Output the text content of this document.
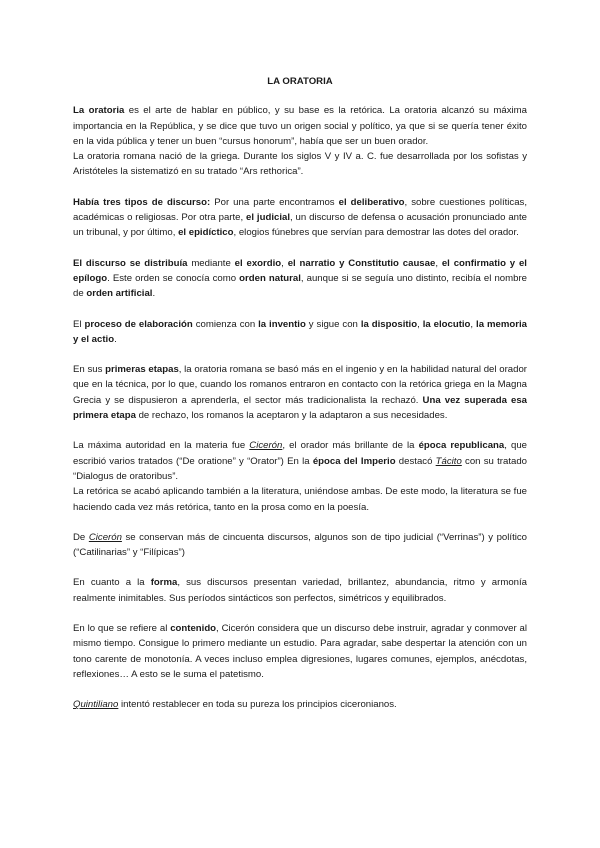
LA ORATORIA

La oratoria es el arte de hablar en público, y su base es la retórica. La oratoria alcanzó su máxima importancia en la República, y se dice que tuvo un origen social y político, ya que si se quería tener éxito en la vida pública y tener un buen “cursus honorum”, había que ser un buen orador.

La oratoria romana nació de la griega. Durante los siglos V y IV a. C. fue desarrollada por los sofistas y Aristóteles la sistematizó en su tratado “Ars rethorica”.

Había tres tipos de discurso: Por una parte encontramos el deliberativo, sobre cuestiones políticas, académicas o religiosas. Por otra parte, el judicial, un discurso de defensa o acusación pronunciado ante un tribunal, y por último, el epidíctico, elogios fúnebres que servían para demostrar las dotes del orador.

El discurso se distribuía mediante el exordio, el narratio y Constitutio causae, el confirmatio y el epílogo. Este orden se conocía como orden natural, aunque si se seguía uno distinto, recibía el nombre de orden artificial.

El proceso de elaboración comienza con la inventio y sigue con la dispositio, la elocutio, la memoria y el actio.

En sus primeras etapas, la oratoria romana se basó más en el ingenio y en la habilidad natural del orador que en la técnica, por lo que, cuando los romanos entraron en contacto con la retórica griega en la Magna Grecia y se dispusieron a aprenderla, el sector más tradicionalista la rechazó. Una vez superada esa primera etapa de rechazo, los romanos la aceptaron y la adaptaron a sus necesidades.

La máxima autoridad en la materia fue Cicerón, el orador más brillante de la época republicana, que escribió varios tratados (“De oratione” y “Orator”) En la época del Imperio destacó Tácito con su tratado “Dialogus de oratoribus”.

La retórica se acabó aplicando también a la literatura, uniéndose ambas. De este modo, la literatura se fue haciendo cada vez más retórica, tanto en la prosa como en la poesía.

De Cicerón se conservan más de cincuenta discursos, algunos son de tipo judicial (“Verrinas”) y político (“Catilinarias” y “Filípicas”)

En cuanto a la forma, sus discursos presentan variedad, brillantez, abundancia, ritmo y armonía realmente inimitables. Sus períodos sintácticos son perfectos, simétricos y equilibrados.

En lo que se refiere al contenido, Cicerón considera que un discurso debe instruir, agradar y conmover al mismo tiempo. Consigue lo primero mediante un estudio. Para agradar, sabe despertar la atención con un tono carente de monotonía. A veces incluso emplea digresiones, lugares comunes, ejemplos, anécdotas, reflexiones… A esto se le suma el patetismo.

Quintiliano intentó restablecer en toda su pureza los principios ciceronianos.
